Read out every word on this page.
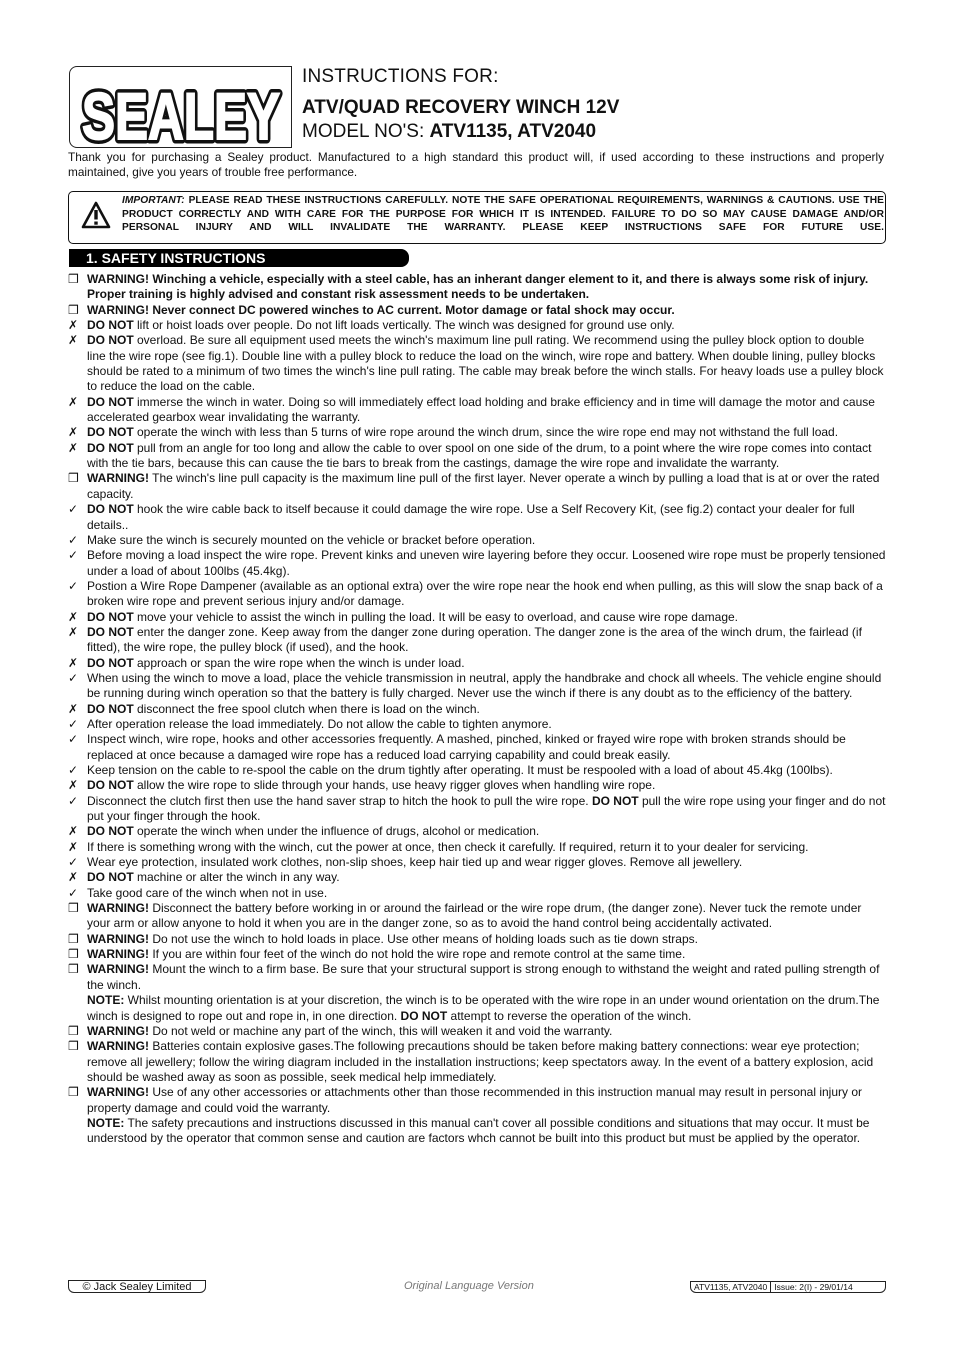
SEALEY
SEALEY
INSTRUCTIONS FOR:
ATV/QUAD RECOVERY WINCH 12V
MODEL NO'S: ATV1135, ATV2040
Thank you for purchasing a Sealey product. Manufactured to a high standard this product will, if used according to these instructions and properly maintained, give you years of trouble free performance.
IMPORTANT: PLEASE READ THESE INSTRUCTIONS CAREFULLY. NOTE THE SAFE OPERATIONAL REQUIREMENTS, WARNINGS & CAUTIONS. USE THE PRODUCT CORRECTLY AND WITH CARE FOR THE PURPOSE FOR WHICH IT IS INTENDED. FAILURE TO DO SO MAY CAUSE DAMAGE AND/OR PERSONAL INJURY AND WILL INVALIDATE THE WARRANTY. PLEASE KEEP INSTRUCTIONS SAFE FOR FUTURE USE.
1. SAFETY INSTRUCTIONS
❒ WARNING! Winching a vehicle, especially with a steel cable, has an inherant danger element to it, and there is always some risk of injury. Proper training is highly advised and constant risk assessment needs to be undertaken.
❒ WARNING! Never connect DC powered winches to AC current. Motor damage or fatal shock may occur.
✗ DO NOT lift or hoist loads over people. Do not lift loads vertically. The winch was designed for ground use only.
✗ DO NOT overload. Be sure all equipment used meets the winch's maximum line pull rating. We recommend using the pulley block option to double line the wire rope (see fig.1). Double line with a pulley block to reduce the load on the winch, wire rope and battery. When double lining, pulley blocks should be rated to a minimum of two times the winch's line pull rating. The cable may break before the winch stalls. For heavy loads use a pulley block to reduce the load on the cable.
✗ DO NOT immerse the winch in water. Doing so will immediately effect load holding and brake efficiency and in time will damage the motor and cause accelerated gearbox wear invalidating the warranty.
✗ DO NOT operate the winch with less than 5 turns of wire rope around the winch drum, since the wire rope end may not withstand the full load.
✗ DO NOT pull from an angle for too long and allow the cable to over spool on one side of the drum, to a point where the wire rope comes into contact with the tie bars, because this can cause the tie bars to break from the castings, damage the wire rope and invalidate the warranty.
❒ WARNING! The winch's line pull capacity is the maximum line pull of the first layer. Never operate a winch by pulling a load that is at or over the rated capacity.
✓ DO NOT hook the wire cable back to itself because it could damage the wire rope. Use a Self Recovery Kit, (see fig.2) contact your dealer for full details..
✓ Make sure the winch is securely mounted on the vehicle or bracket before operation.
✓ Before moving a load inspect the wire rope. Prevent kinks and uneven wire layering before they occur. Loosened wire rope must be properly tensioned under a load of about 100lbs (45.4kg).
✓ Postion a Wire Rope Dampener (available as an optional extra) over the wire rope near the hook end when pulling, as this will slow the snap back of a broken wire rope and prevent serious injury and/or damage.
✗ DO NOT move your vehicle to assist the winch in pulling the load. It will be easy to overload, and cause wire rope damage.
✗ DO NOT enter the danger zone. Keep away from the danger zone during operation. The danger zone is the area of the winch drum, the fairlead (if fitted), the wire rope, the pulley block (if used), and the hook.
✗ DO NOT approach or span the wire rope when the winch is under load.
✓ When using the winch to move a load, place the vehicle transmission in neutral, apply the handbrake and chock all wheels. The vehicle engine should be running during winch operation so that the battery is fully charged. Never use the winch if there is any doubt as to the efficiency of the battery.
✗ DO NOT disconnect the free spool clutch when there is load on the winch.
✓ After operation release the load immediately. Do not allow the cable to tighten anymore.
✓ Inspect winch, wire rope, hooks and other accessories frequently. A mashed, pinched, kinked or frayed wire rope with broken strands should be replaced at once because a damaged wire rope has a reduced load carrying capability and could break easily.
✓ Keep tension on the cable to re-spool the cable on the drum tightly after operating. It must be respooled with a load of about 45.4kg (100lbs).
✗ DO NOT allow the wire rope to slide through your hands, use heavy rigger gloves when handling wire rope.
✓ Disconnect the clutch first then use the hand saver strap to hitch the hook to pull the wire rope. DO NOT pull the wire rope using your finger and do not put your finger through the hook.
✗ DO NOT operate the winch when under the influence of drugs, alcohol or medication.
✗ If there is something wrong with the winch, cut the power at once, then check it carefully. If required, return it to your dealer for servicing.
✓ Wear eye protection, insulated work clothes, non-slip shoes, keep hair tied up and wear rigger gloves. Remove all jewellery.
✗ DO NOT machine or alter the winch in any way.
✓ Take good care of the winch when not in use.
❒ WARNING! Disconnect the battery before working in or around the fairlead or the wire rope drum, (the danger zone). Never tuck the remote under your arm or allow anyone to hold it when you are in the danger zone, so as to avoid the hand control being accidentally activated.
❒ WARNING! Do not use the winch to hold loads in place. Use other means of holding loads such as tie down straps.
❒ WARNING! If you are within four feet of the winch do not hold the wire rope and remote control at the same time.
❒ WARNING! Mount the winch to a firm base. Be sure that your structural support is strong enough to withstand the weight and rated pulling strength of the winch.
NOTE: Whilst mounting orientation is at your discretion, the winch is to be operated with the wire rope in an under wound orientation on the drum.The winch is designed to rope out and rope in, in one direction. DO NOT attempt to reverse the operation of the winch.
❒ WARNING! Do not weld or machine any part of the winch, this will weaken it and void the warranty.
❒ WARNING! Batteries contain explosive gases.The following precautions should be taken before making battery connections: wear eye protection; remove all jewellery; follow the wiring diagram included in the installation instructions; keep spectators away. In the event of a battery explosion, acid should be washed away as soon as possible, seek medical help immediately.
❒ WARNING! Use of any other accessories or attachments other than those recommended in this instruction manual may result in personal injury or property damage and could void the warranty.
NOTE: The safety precautions and instructions discussed in this manual can't cover all possible conditions and situations that may occur. It must be understood by the operator that common sense and caution are factors whch cannot be built into this product but must be applied by the operator.
© Jack Sealey Limited	Original Language Version	ATV1135, ATV2040 Issue: 2(I) - 29/01/14
